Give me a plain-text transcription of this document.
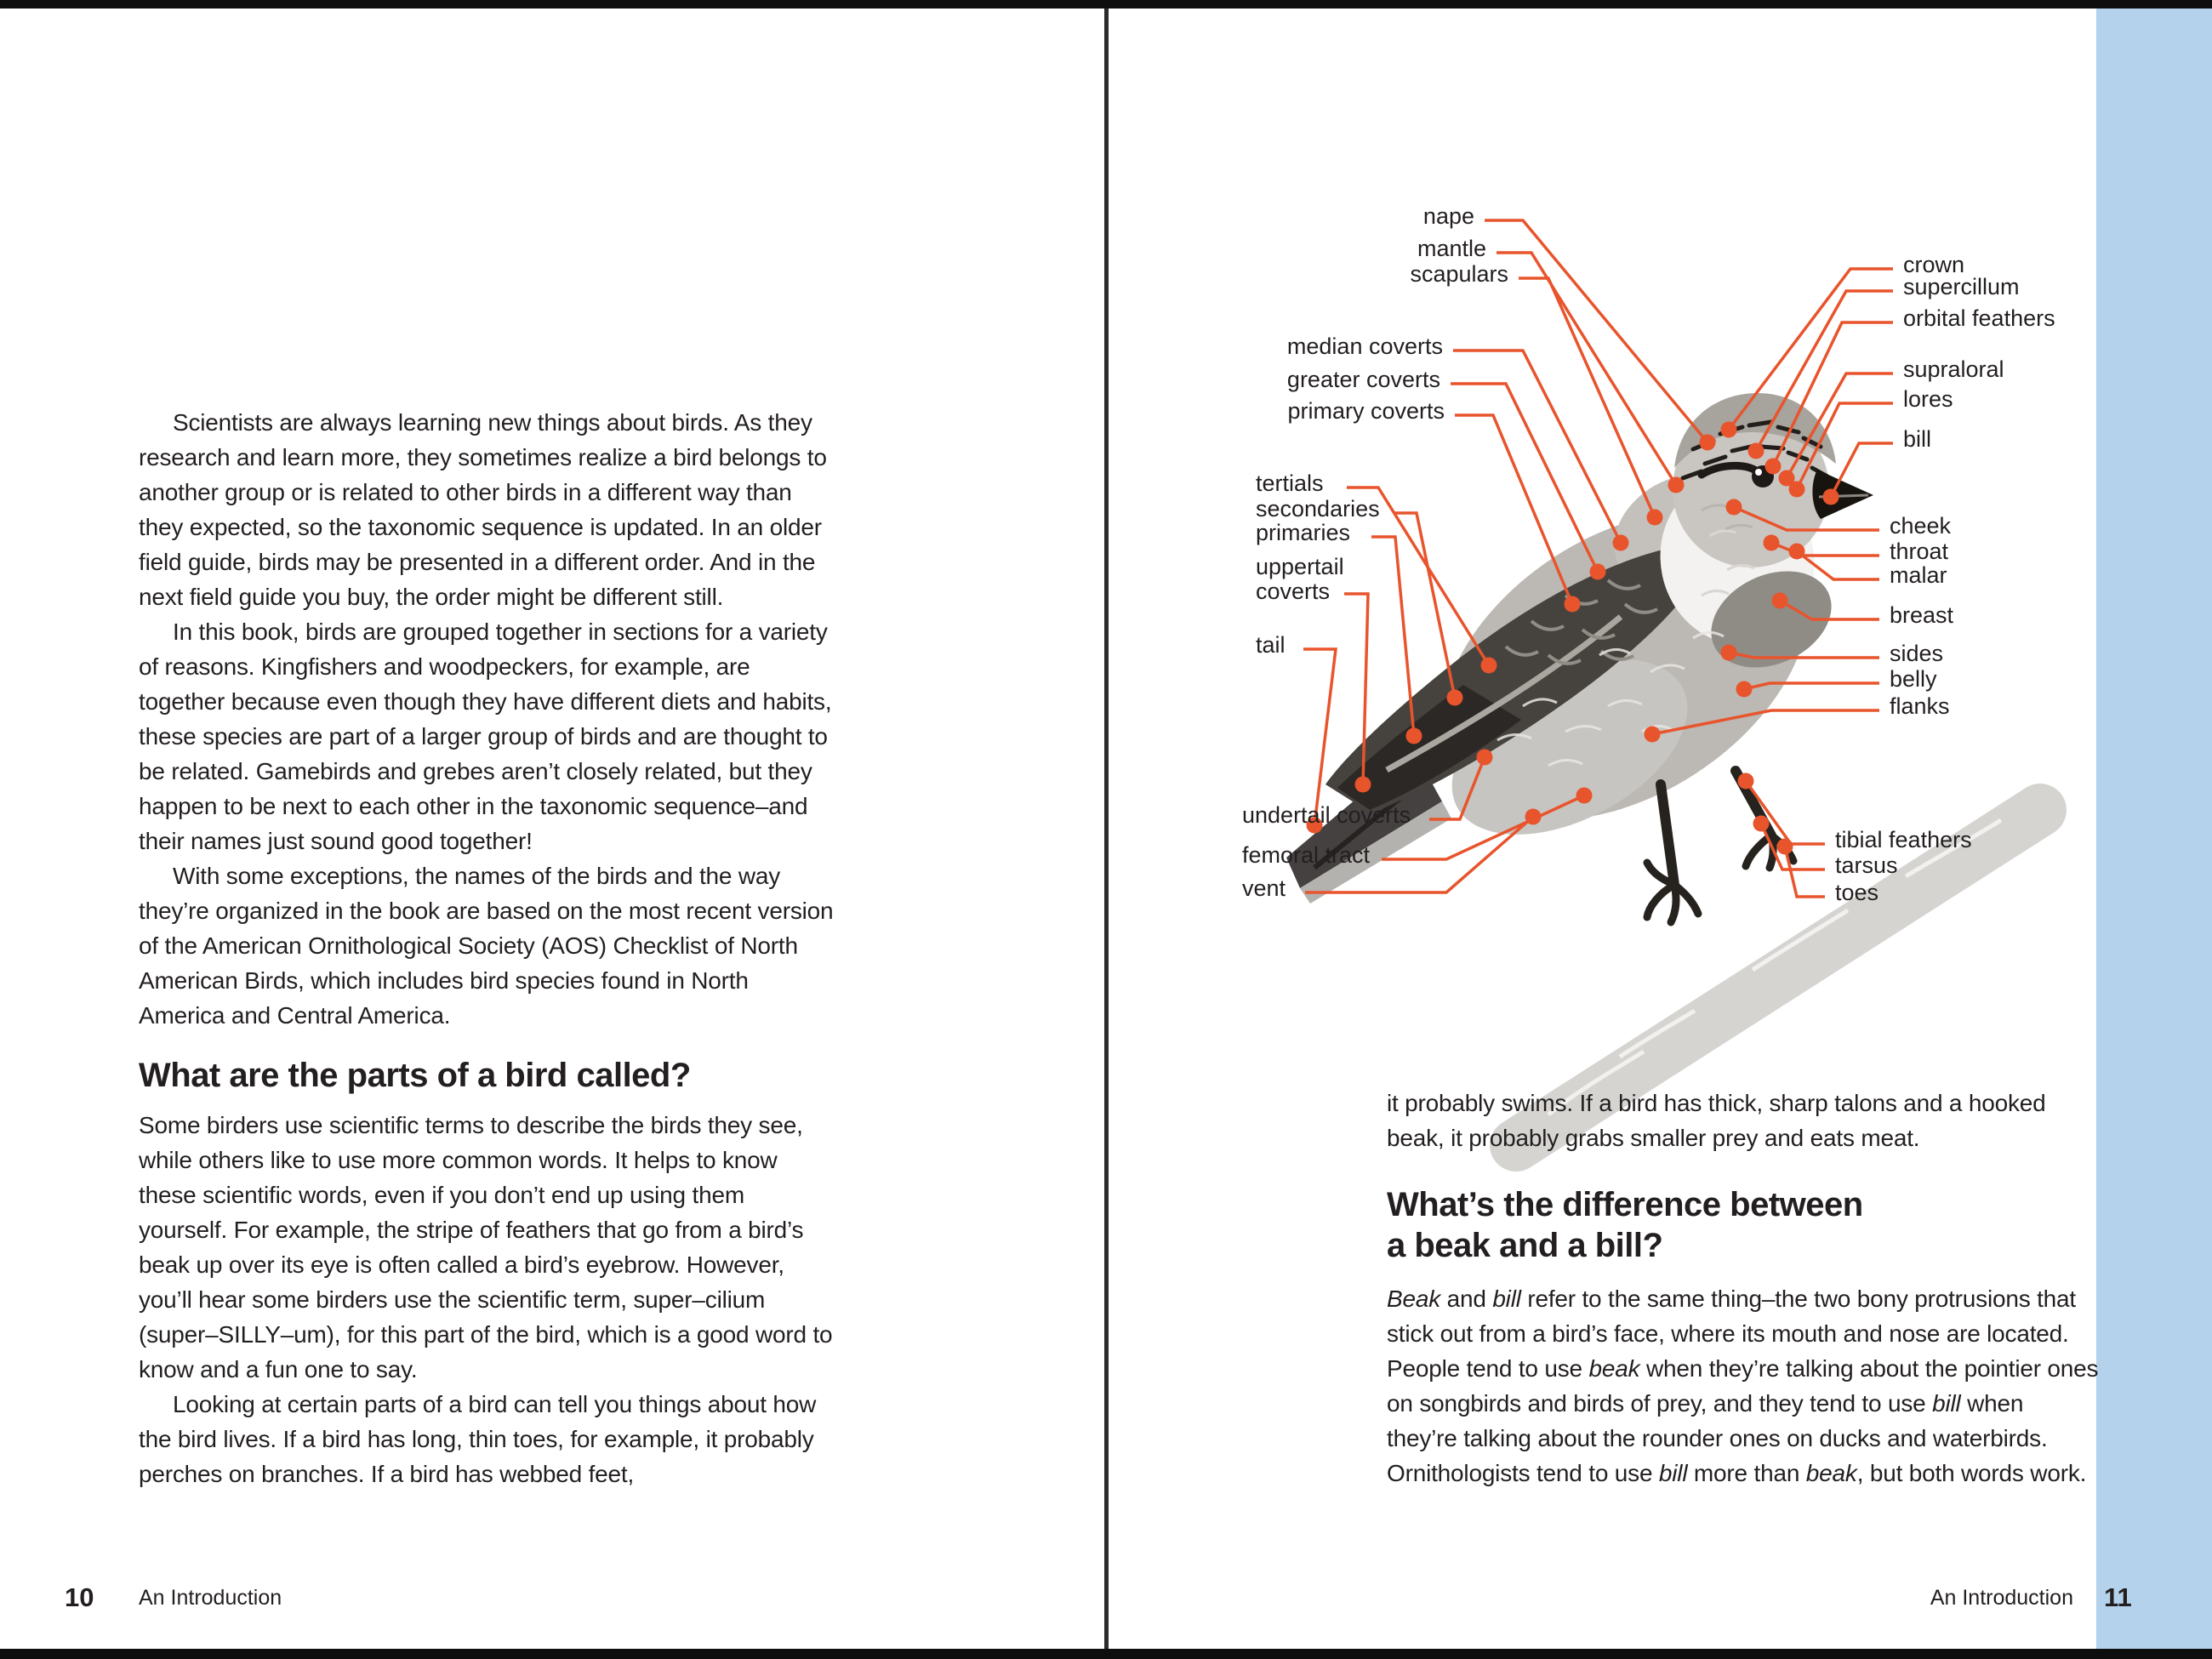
Scientists are always learning new things about birds. As they research and learn more, they sometimes realize a bird belongs to another group or is related to other birds in a different way than they expected, so the taxonomic sequence is updated. In an older field guide, birds may be presented in a different order. And in the next field guide you buy, the order might be different still.

In this book, birds are grouped together in sections for a variety of reasons. Kingfishers and woodpeckers, for example, are together because even though they have different diets and habits, these species are part of a larger group of birds and are thought to be related. Gamebirds and grebes aren’t closely related, but they happen to be next to each other in the taxonomic sequence–and their names just sound good together!

With some exceptions, the names of the birds and the way they’re organized in the book are based on the most recent version of the American Ornithological Society (AOS) Checklist of North American Birds, which includes bird species found in North America and Central America.

What are the parts of a bird called?

Some birders use scientific terms to describe the birds they see, while others like to use more common words. It helps to know these scientific words, even if you don’t end up using them yourself. For example, the stripe of feathers that go from a bird’s beak up over its eye is often called a bird’s eyebrow. However, you’ll hear some birders use the scientific term, super–cilium (super–SILLY–um), for this part of the bird, which is a good word to know and a fun one to say.

Looking at certain parts of a bird can tell you things about how the bird lives. If a bird has long, thin toes, for example, it probably perches on branches. If a bird has webbed feet,

10 An Introduction
nape
mantle
scapulars
median coverts
greater coverts
primary coverts
tertials
secondaries
primaries
uppertail coverts
tail
undertail coverts
femoral tract
vent
crown
supercillum
orbital feathers
supraloral
lores
bill
cheek
throat
malar
breast
sides
belly
flanks
tibial feathers
tarsus
toes

it probably swims. If a bird has thick, sharp talons and a hooked beak, it probably grabs smaller prey and eats meat.

What’s the difference between
a beak and a bill?

Beak and bill refer to the same thing–the two bony protrusions that stick out from a bird’s face, where its mouth and nose are located. People tend to use beak when they’re talking about the pointier ones on songbirds and birds of prey, and they tend to use bill when they’re talking about the rounder ones on ducks and waterbirds. Ornithologists tend to use bill more than beak, but both words work.

An Introduction 11
